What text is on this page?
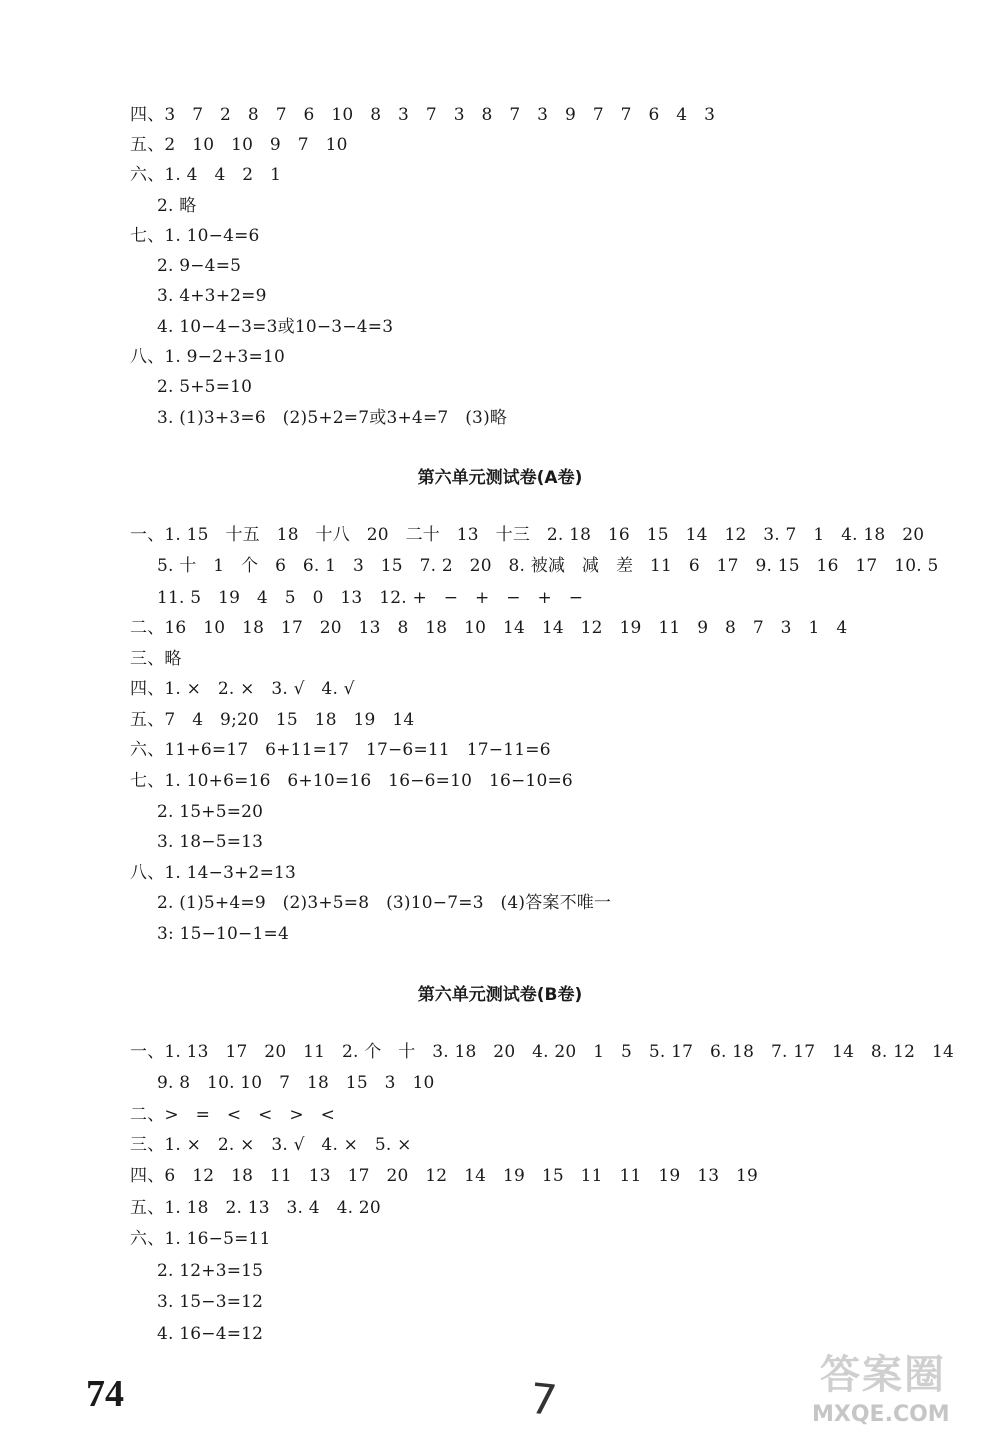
四、3   7   2   8   7   6   10   8   3   7   3   8   7   3   9   7   7   6   4   3
五、2   10   10   9   7   10
六、1. 4   4   2   1
2. 略
七、1. 10−4=6
2. 9−4=5
3. 4+3+2=9
4. 10−4−3=3或10−3−4=3
八、1. 9−2+3=10
2. 5+5=10
3. (1)3+3=6   (2)5+2=7或3+4=7   (3)略
第六单元测试卷(A卷)
一、1. 15   十五   18   十八   20   二十   13   十三   2. 18   16   15   14   12   3. 7   1   4. 18   20
5. 十   1   个   6   6. 1   3   15   7. 2   20   8. 被减   减   差   11   6   17   9. 15   16   17   10. 5
11. 5   19   4   5   0   13   12. +   −   +   −   +   −
二、16   10   18   17   20   13   8   18   10   14   14   12   19   11   9   8   7   3   1   4
三、略
四、1. ×   2. ×   3. √   4. √
五、7   4   9;20   15   18   19   14
六、11+6=17   6+11=17   17−6=11   17−11=6
七、1. 10+6=16   6+10=16   16−6=10   16−10=6
2. 15+5=20
3. 18−5=13
八、1. 14−3+2=13
2. (1)5+4=9   (2)3+5=8   (3)10−7=3   (4)答案不唯一
3: 15−10−1=4
第六单元测试卷(B卷)
一、1. 13   17   20   11   2. 个   十   3. 18   20   4. 20   1   5   5. 17   6. 18   7. 17   14   8. 12   14
9. 8   10. 10   7   18   15   3   10
二、>   =   <   <   >   <
三、1. ×   2. ×   3. √   4. ×   5. ×
四、6   12   18   11   13   17   20   12   14   19   15   11   11   19   13   19
五、1. 18   2. 13   3. 4   4. 20
六、1. 16−5=11
2. 12+3=15
3. 15−3=12
4. 16−4=12
74	7	答案圈
MXQE.COM
